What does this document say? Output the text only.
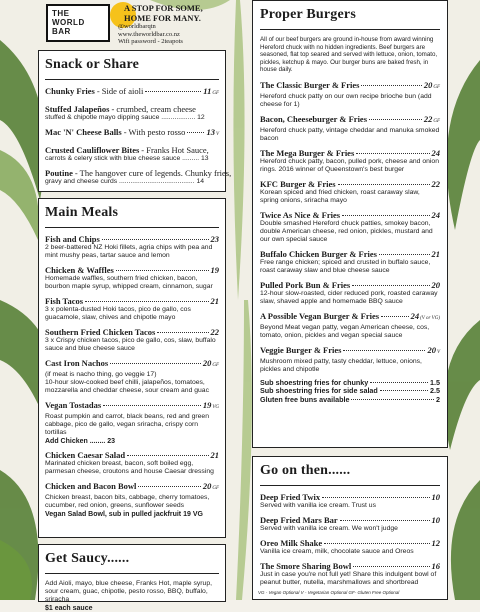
THE
WORLD
BAR
A STOP FOR SOME, HOME FOR MANY.
@worldbarqtn
www.theworldbar.co.nz
Wifi password - 2teapots
Snack or Share
Chunky Fries - Side of aioli	11 GF
Stuffed Jalapeños - crumbed, cream cheese
stuffed & chipotle mayo dipping sauce .................. 12
Mac 'N' Cheese Balls - With pesto rosso 13 V
Crusted Cauliflower Bites - Franks Hot Sauce,
carrots & celery stick with blue cheese sauce ......... 13
Poutine - The hangover cure of legends. Chunky fries,
gravy and cheese curds ........................................ 14
Main Meals
Fish and Chips	23
2 beer-battered NZ Hoki fillets, agria chips with pea and mint mushy peas, tartar sauce and lemon
Chicken & Waffles	19
Homemade waffles, southern fried chicken, bacon, bourbon maple syrup, whipped cream, cinnamon, sugar
Fish Tacos	21
3 x polenta-dusted Hoki tacos, pico de gallo, cos guacamole, slaw, chives and chipotle mayo
Southern Fried Chicken Tacos	22
3 x Crispy chicken tacos, pico de gallo, cos, slaw, buffalo sauce and blue cheese sauce
Cast Iron Nachos	20 GF
(if meat is nacho thing, go veggie 17)
10-hour slow-cooked beef chilli, jalapeños, tomatoes, mozzarella and cheddar cheese, sour cream and guac
Vegan Tostadas	19 VG
Roast pumpkin and carrot, black beans, red and green cabbage, pico de gallo, vegan sriracha, crispy corn tortillas
Add Chicken ........ 23
Chicken Caesar Salad	21
Marinated chicken breast, bacon, soft boiled egg, parmesan cheese, croutons and house Caesar dressing
Chicken and Bacon Bowl	20 GF
Chicken breast, bacon bits, cabbage, cherry tomatoes, cucumber, red onion, greens, sunflower seeds
Vegan Salad Bowl, sub in pulled jackfruit 19 VG
Get Saucy......
Add Aioli, mayo, blue cheese, Franks Hot, maple syrup, sour cream, guac, chipotle, pesto rosso, BBQ, buffalo, sriracha
$1 each sauce
Proper Burgers
All of our beef burgers are ground in-house from award winning Hereford chuck with no hidden ingredients. Beef burgers are seasoned, flat top seared and served with lettuce, onion, tomato, pickles, ketchup & mayo. Our burger buns are baked fresh, in house daily.
The Classic Burger & Fries	20 GF
Hereford chuck patty on our own recipe brioche bun (add cheese for 1)
Bacon, Cheeseburger & Fries	22 GF
Hereford chuck patty, vintage cheddar and manuka smoked bacon
The Mega Burger & Fries	24
Hereford chuck patty, bacon, pulled pork, cheese and onion rings. 2016 winner of Queenstown's best burger
KFC Burger & Fries	22
Korean spiced and fried chicken, roast caraway slaw, spring onions, sriracha mayo
Twice As Nice & Fries	24
Double smashed Hereford chuck patties, smokey bacon, double American cheese, red onion, pickles, mustard and our own special sauce
Buffalo Chicken Burger & Fries	21
Free range chicken; spiced and crusted in buffalo sauce, roast caraway slaw and blue cheese sauce
Pulled Pork Bun & Fries	20
12-hour slow-roasted, cider reduced pork, roasted caraway slaw, shaved apple and homemade BBQ sauce
A Possible Vegan Burger & Fries	24 (V or VG)
Beyond Meat vegan patty, vegan American cheese, cos, tomato, onion, pickles and vegan special sauce
Veggie Burger & Fries	20 V
Mushroom mixed patty, tasty cheddar, lettuce, onions, pickles and chipotle
Sub shoestring fries for chunky	1.5
Sub shoestring fries for side salad	2.5
Gluten free buns available	2
Go on then......
Deep Fried Twix	10
Served with vanilla ice cream. Trust us
Deep Fried Mars Bar	10
Served with vanilla ice cream. We won't judge
Oreo Milk Shake	12
Vanilla ice cream, milk, chocolate sauce and Oreos
The Smore Sharing Bowl	16
Just in case you're not full yet! Share this indulgent bowl of peanut butter, nutella, marshmallows and shortbread
VG - Vegan Optional V - Vegetarian Optional GF- Gluten Free Optional
